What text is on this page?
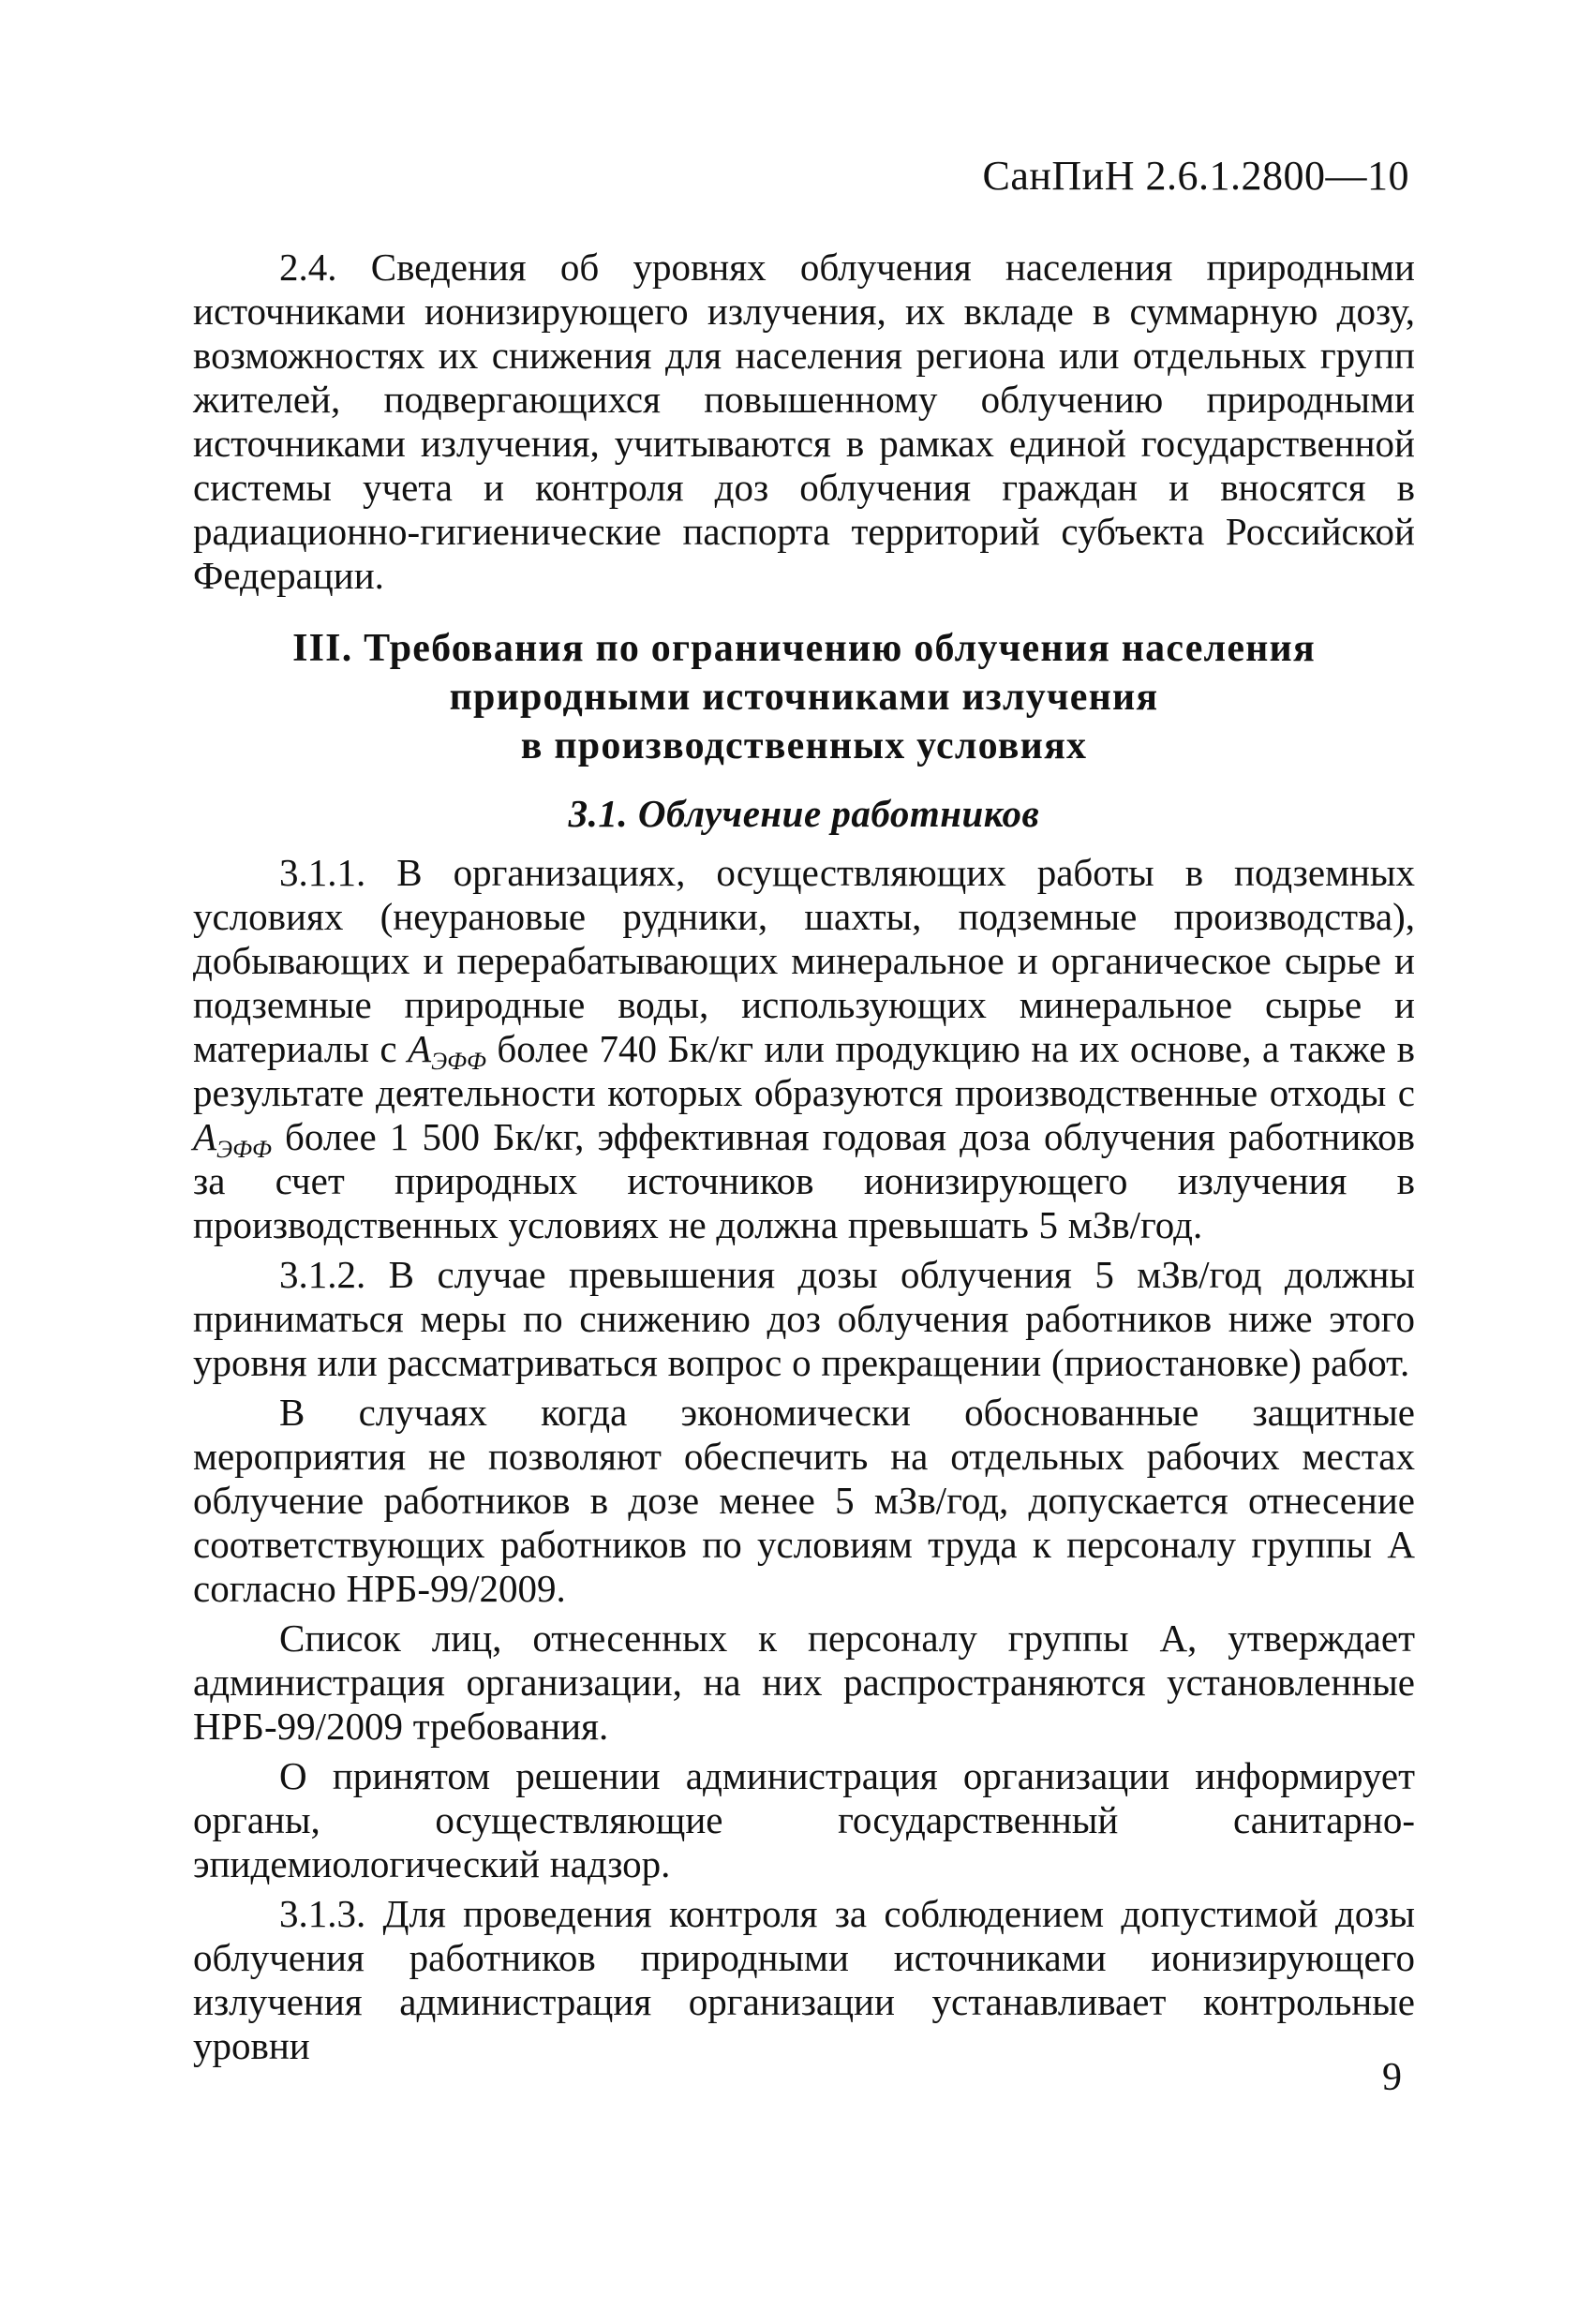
СанПиН 2.6.1.2800—10

2.4. Сведения об уровнях облучения населения природными источниками ионизирующего излучения, их вкладе в суммарную дозу, возможностях их снижения для населения региона или отдельных групп жителей, подвергающихся повышенному облучению природными источниками излучения, учитываются в рамках единой государственной системы учета и контроля доз облучения граждан и вносятся в радиационно-гигиенические паспорта территорий субъекта Российской Федерации.

III. Требования по ограничению облучения населения
природными источниками излучения
в производственных условиях
3.1. Облучение работников

3.1.1. В организациях, осуществляющих работы в подземных условиях (неурановые рудники, шахты, подземные производства), добывающих и перерабатывающих минеральное и органическое сырье и подземные природные воды, использующих минеральное сырье и материалы с $А_{ЭФФ}$ более 740 Бк/кг или продукцию на их основе, а также в результате деятельности которых образуются производственные отходы с $А_{ЭФФ}$ более 1 500 Бк/кг, эффективная годовая доза облучения работников за счет природных источников ионизирующего излучения в производственных условиях не должна превышать 5 мЗв/год.

3.1.2. В случае превышения дозы облучения 5 мЗв/год должны приниматься меры по снижению доз облучения работников ниже этого уровня или рассматриваться вопрос о прекращении (приостановке) работ.

В случаях когда экономически обоснованные защитные мероприятия не позволяют обеспечить на отдельных рабочих местах облучение работников в дозе менее 5 мЗв/год, допускается отнесение соответствующих работников по условиям труда к персоналу группы А согласно НРБ-99/2009.

Список лиц, отнесенных к персоналу группы А, утверждает администрация организации, на них распространяются установленные НРБ-99/2009 требования.

О принятом решении администрация организации информирует органы, осуществляющие государственный санитарно-эпидемиологический надзор.

3.1.3. Для проведения контроля за соблюдением допустимой дозы облучения работников природными источниками ионизирующего излучения администрация организации устанавливает контрольные уровни

9
